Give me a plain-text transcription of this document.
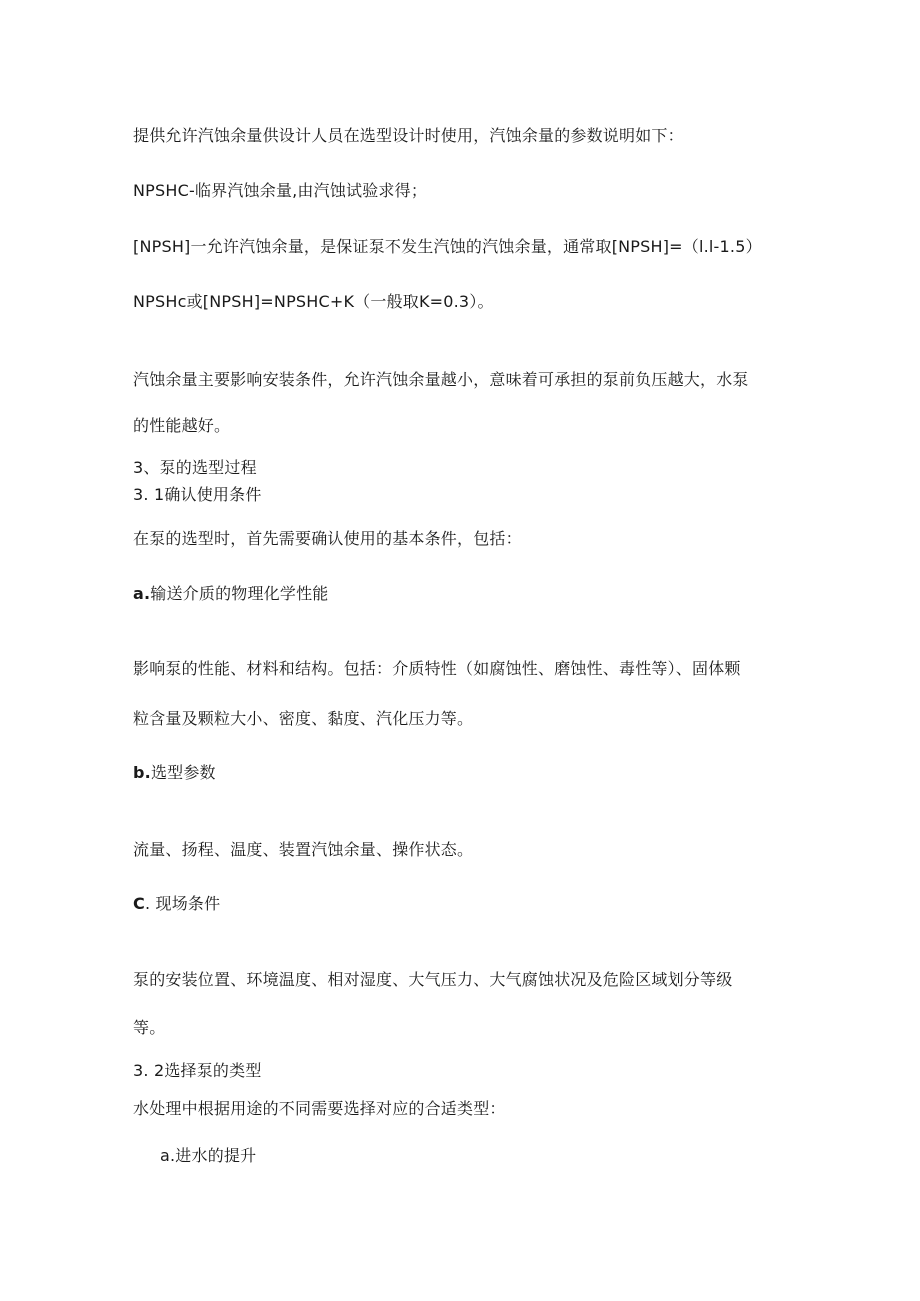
提供允许汽蚀余量供设计人员在选型设计时使用，汽蚀余量的参数说明如下：
NPSHC-临界汽蚀余量,由汽蚀试验求得；
[NPSH]一允许汽蚀余量，是保证泵不发生汽蚀的汽蚀余量，通常取[NPSH]=（l.l-1.5）
NPSHc或[NPSH]=NPSHC+K（一般取K=0.3）。
汽蚀余量主要影响安装条件，允许汽蚀余量越小，意味着可承担的泵前负压越大，水泵
的性能越好。
3、泵的选型过程
3. 1确认使用条件
在泵的选型时，首先需要确认使用的基本条件，包括：
a.输送介质的物理化学性能
影响泵的性能、材料和结构。包括：介质特性（如腐蚀性、磨蚀性、毒性等）、固体颗
粒含量及颗粒大小、密度、黏度、汽化压力等。
b.选型参数
流量、扬程、温度、装置汽蚀余量、操作状态。
C. 现场条件
泵的安装位置、环境温度、相对湿度、大气压力、大气腐蚀状况及危险区域划分等级
等。
3. 2选择泵的类型
水处理中根据用途的不同需要选择对应的合适类型：
a.进水的提升
